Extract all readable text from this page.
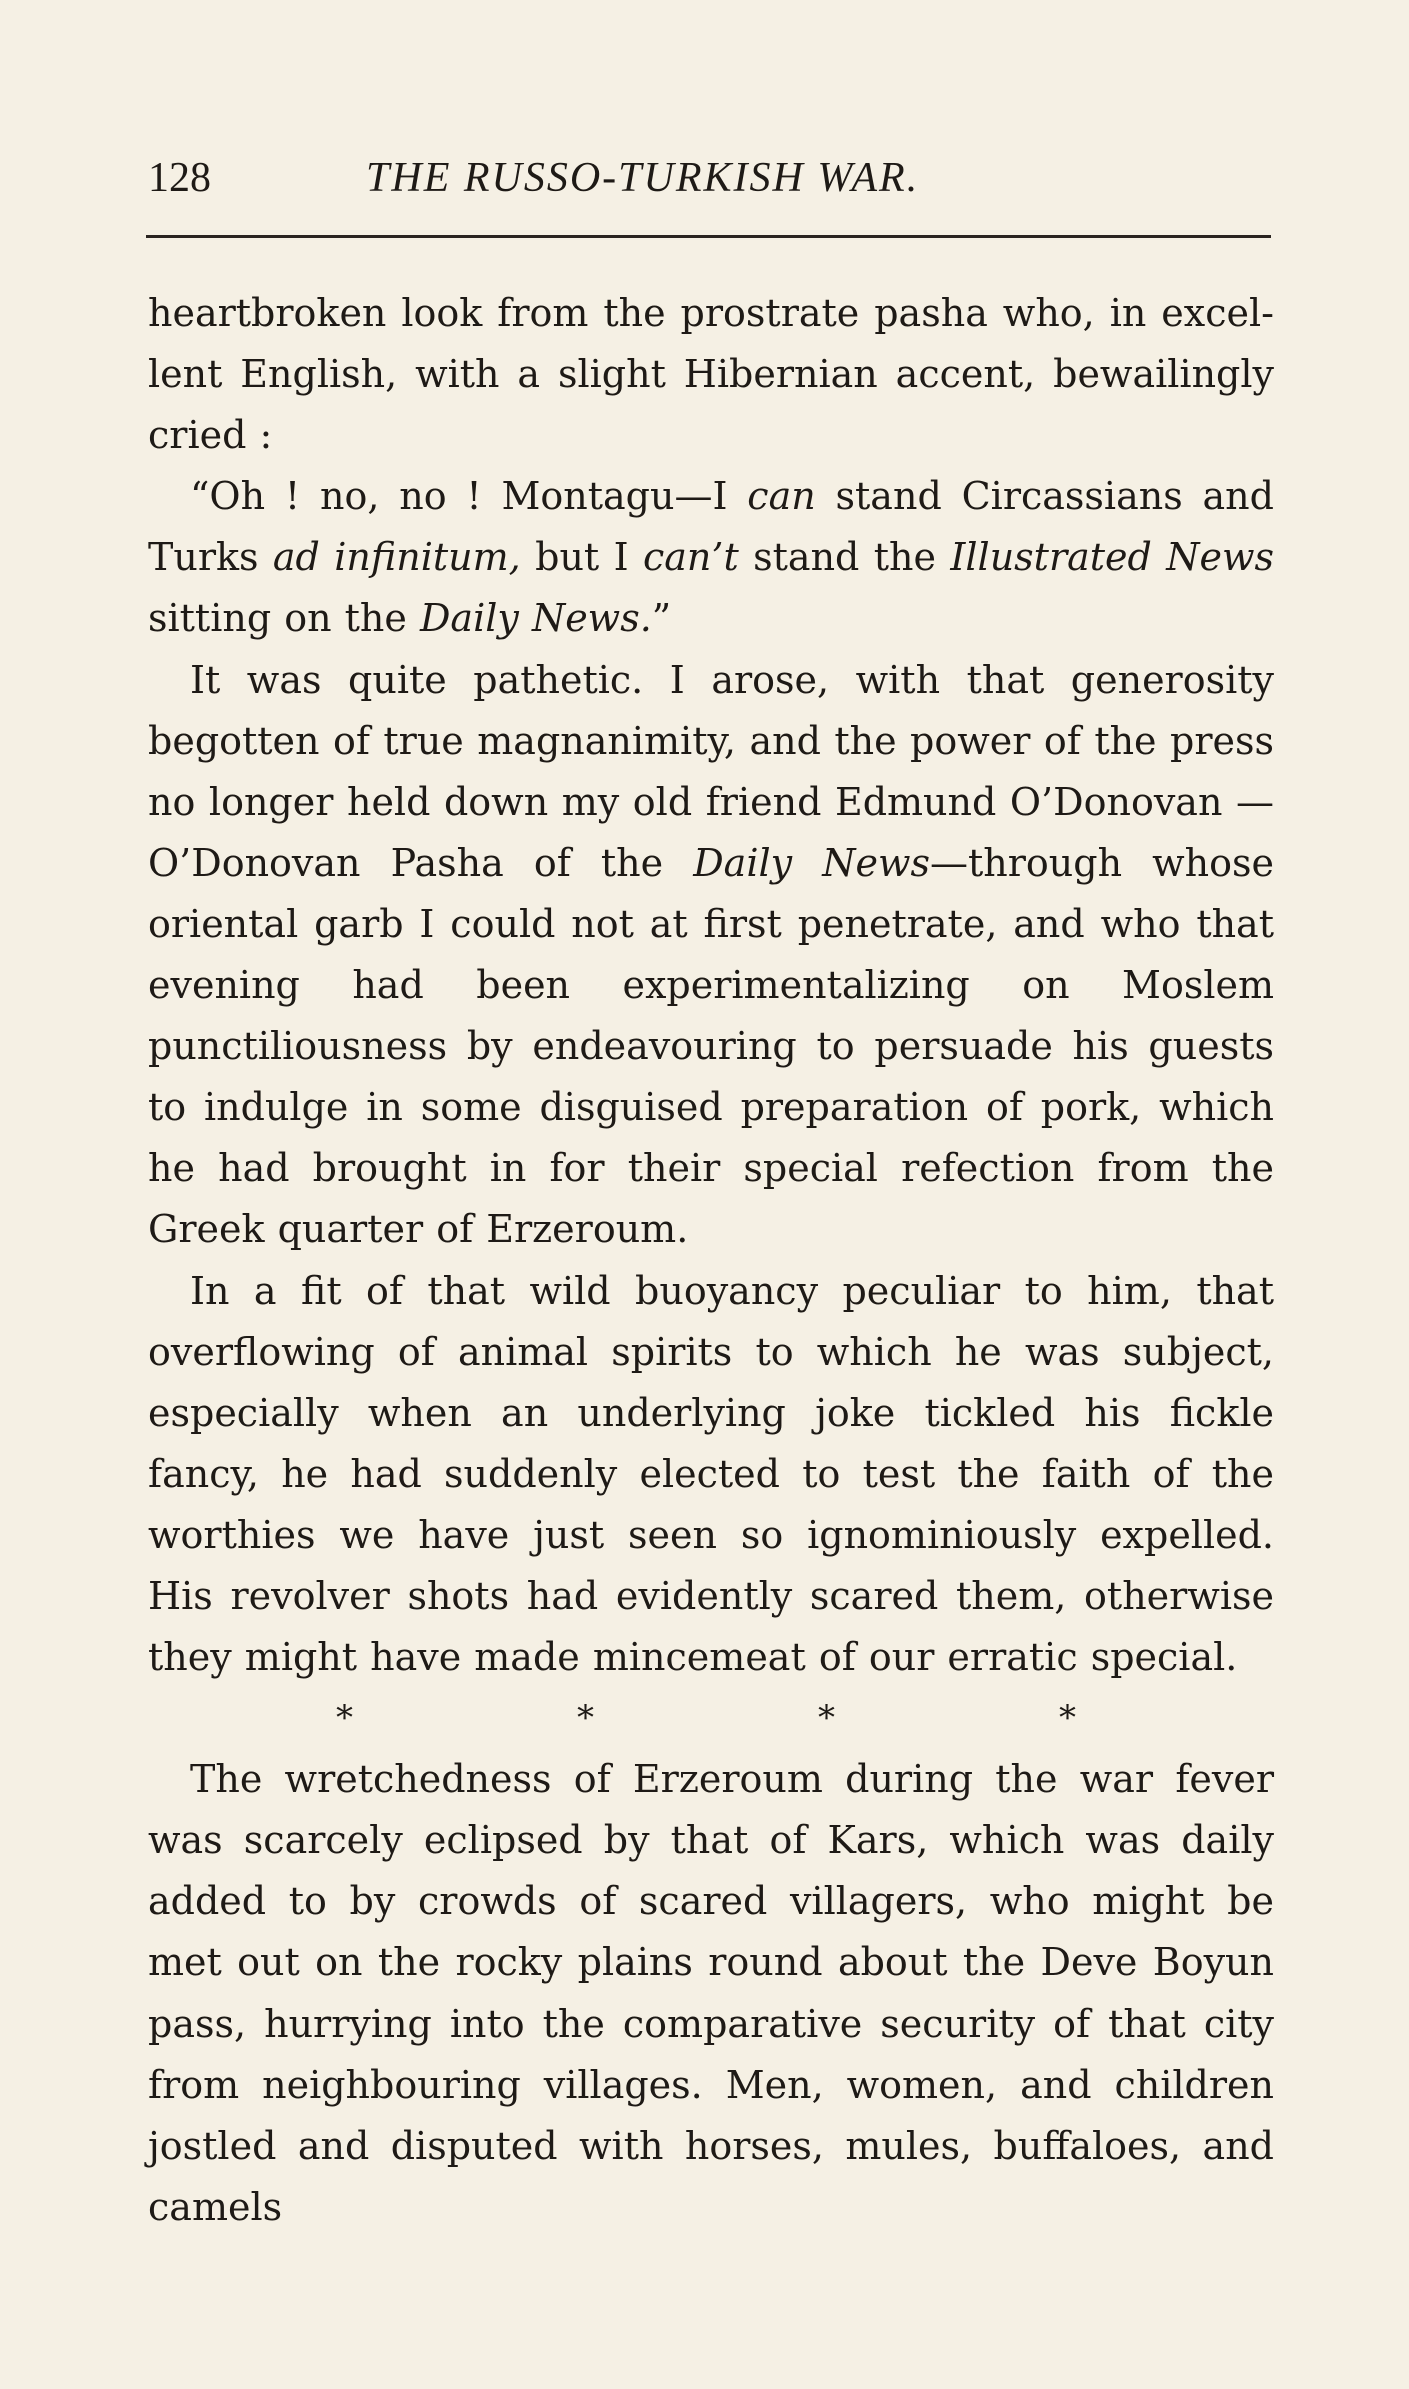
128	THE RUSSO-TURKISH WAR.

heartbroken look from the prostrate pasha who, in excellent English, with a slight Hibernian accent, bewailingly cried :

“Oh ! no, no ! Montagu—I can stand Circassians and Turks ad infinitum, but I can’t stand the Illustrated News sitting on the Daily News.”

It was quite pathetic. I arose, with that generosity begotten of true magnanimity, and the power of the press no longer held down my old friend Edmund O’Donovan —O’Donovan Pasha of the Daily News—through whose oriental garb I could not at first penetrate, and who that evening had been experimentalizing on Moslem punctiliousness by endeavouring to persuade his guests to indulge in some disguised preparation of pork, which he had brought in for their special refection from the Greek quarter of Erzeroum.

In a fit of that wild buoyancy peculiar to him, that overflowing of animal spirits to which he was subject, especially when an underlying joke tickled his fickle fancy, he had suddenly elected to test the faith of the worthies we have just seen so ignominiously expelled. His revolver shots had evidently scared them, otherwise they might have made mincemeat of our erratic special.

*	*	*	*

The wretchedness of Erzeroum during the war fever was scarcely eclipsed by that of Kars, which was daily added to by crowds of scared villagers, who might be met out on the rocky plains round about the Deve Boyun pass, hurrying into the comparative security of that city from neighbouring villages. Men, women, and children jostled and disputed with horses, mules, buffaloes, and camels
